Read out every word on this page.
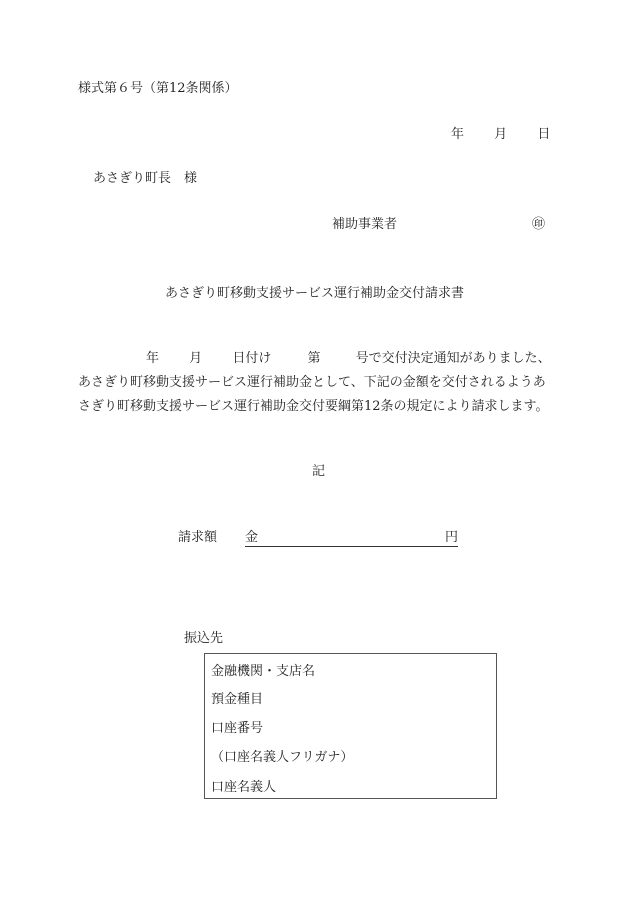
様式第６号（第12条関係）
年 月 日
あさぎり町長　様
補助事業者	㊞
あさぎり町移動支援サービス運行補助金交付請求書
年 月 日付け	第	号で交付決定通知がありました、
あさぎり町移動支援サービス運行補助金として、下記の金額を交付されるようあ
さぎり町移動支援サービス運行補助金交付要綱第12条の規定により請求します。
記
請求額 金	円
振込先
金融機関・支店名
預金種目
口座番号
（口座名義人フリガナ）
口座名義人
